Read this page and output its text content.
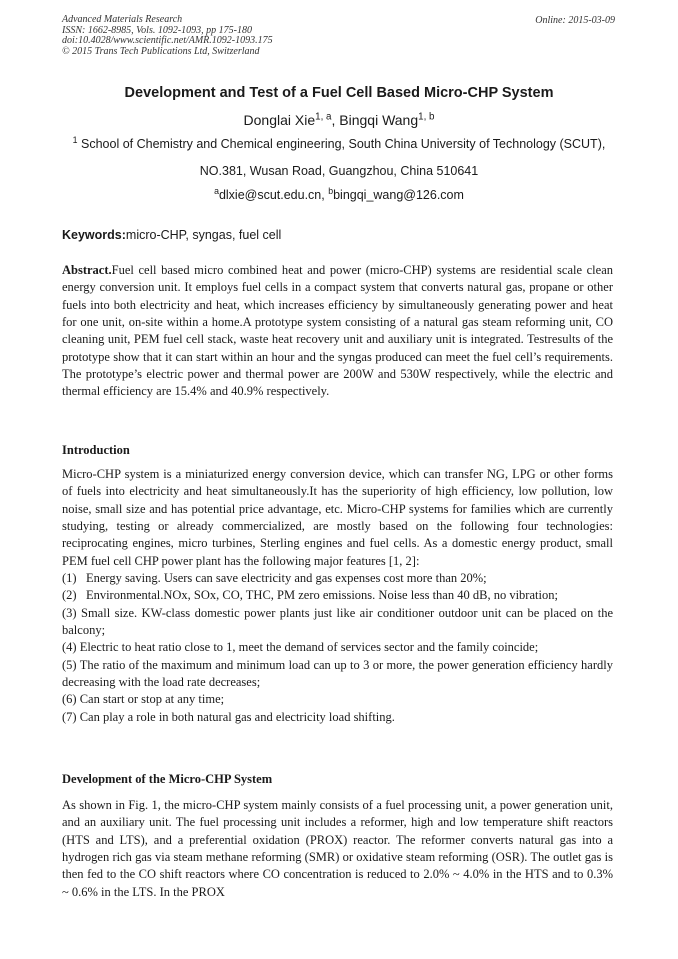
Advanced Materials Research
ISSN: 1662-8985, Vols. 1092-1093, pp 175-180
doi:10.4028/www.scientific.net/AMR.1092-1093.175
© 2015 Trans Tech Publications Ltd, Switzerland
Online: 2015-03-09
Development and Test of a Fuel Cell Based Micro-CHP System
Donglai Xie$^{1, a}$, Bingqi Wang$^{1, b}$
$^1$ School of Chemistry and Chemical engineering, South China University of Technology (SCUT),
NO.381, Wusan Road, Guangzhou, China 510641
$^a$dlxie@scut.edu.cn, $^b$bingqi_wang@126.com
Keywords:micro-CHP, syngas, fuel cell

Abstract.Fuel cell based micro combined heat and power (micro-CHP) systems are residential scale clean energy conversion unit. It employs fuel cells in a compact system that converts natural gas, propane or other fuels into both electricity and heat, which increases efficiency by simultaneously generating power and heat for one unit, on-site within a home.A prototype system consisting of a natural gas steam reforming unit, CO cleaning unit, PEM fuel cell stack, waste heat recovery unit and auxiliary unit is integrated. Testresults of the prototype show that it can start within an hour and the syngas produced can meet the fuel cell’s requirements. The prototype’s electric power and thermal power are 200W and 530W respectively, while the electric and thermal efficiency are 15.4% and 40.9% respectively.

Introduction

Micro-CHP system is a miniaturized energy conversion device, which can transfer NG, LPG or other forms of fuels into electricity and heat simultaneously.It has the superiority of high efficiency, low pollution, low noise, small size and has potential price advantage, etc. Micro-CHP systems for families which are currently studying, testing or already commercialized, are mostly based on the following four technologies: reciprocating engines, micro turbines, Sterling engines and fuel cells. As a domestic energy product, small PEM fuel cell CHP power plant has the following major features [1, 2]:

(1)   Energy saving. Users can save electricity and gas expenses cost more than 20%;

(2)   Environmental.NOx, SOx, CO, THC, PM zero emissions. Noise less than 40 dB, no vibration;

(3) Small size. KW-class domestic power plants just like air conditioner outdoor unit can be placed on the balcony;

(4) Electric to heat ratio close to 1, meet the demand of services sector and the family coincide;

(5) The ratio of the maximum and minimum load can up to 3 or more, the power generation efficiency hardly decreasing with the load rate decreases;

(6) Can start or stop at any time;

(7) Can play a role in both natural gas and electricity load shifting.

Development of the Micro-CHP System

As shown in Fig. 1, the micro-CHP system mainly consists of a fuel processing unit, a power generation unit, and an auxiliary unit. The fuel processing unit includes a reformer, high and low temperature shift reactors (HTS and LTS), and a preferential oxidation (PROX) reactor. The reformer converts natural gas into a hydrogen rich gas via steam methane reforming (SMR) or oxidative steam reforming (OSR). The outlet gas is then fed to the CO shift reactors where CO concentration is reduced to 2.0% ~ 4.0% in the HTS and to 0.3% ~ 0.6% in the LTS. In the PROX
